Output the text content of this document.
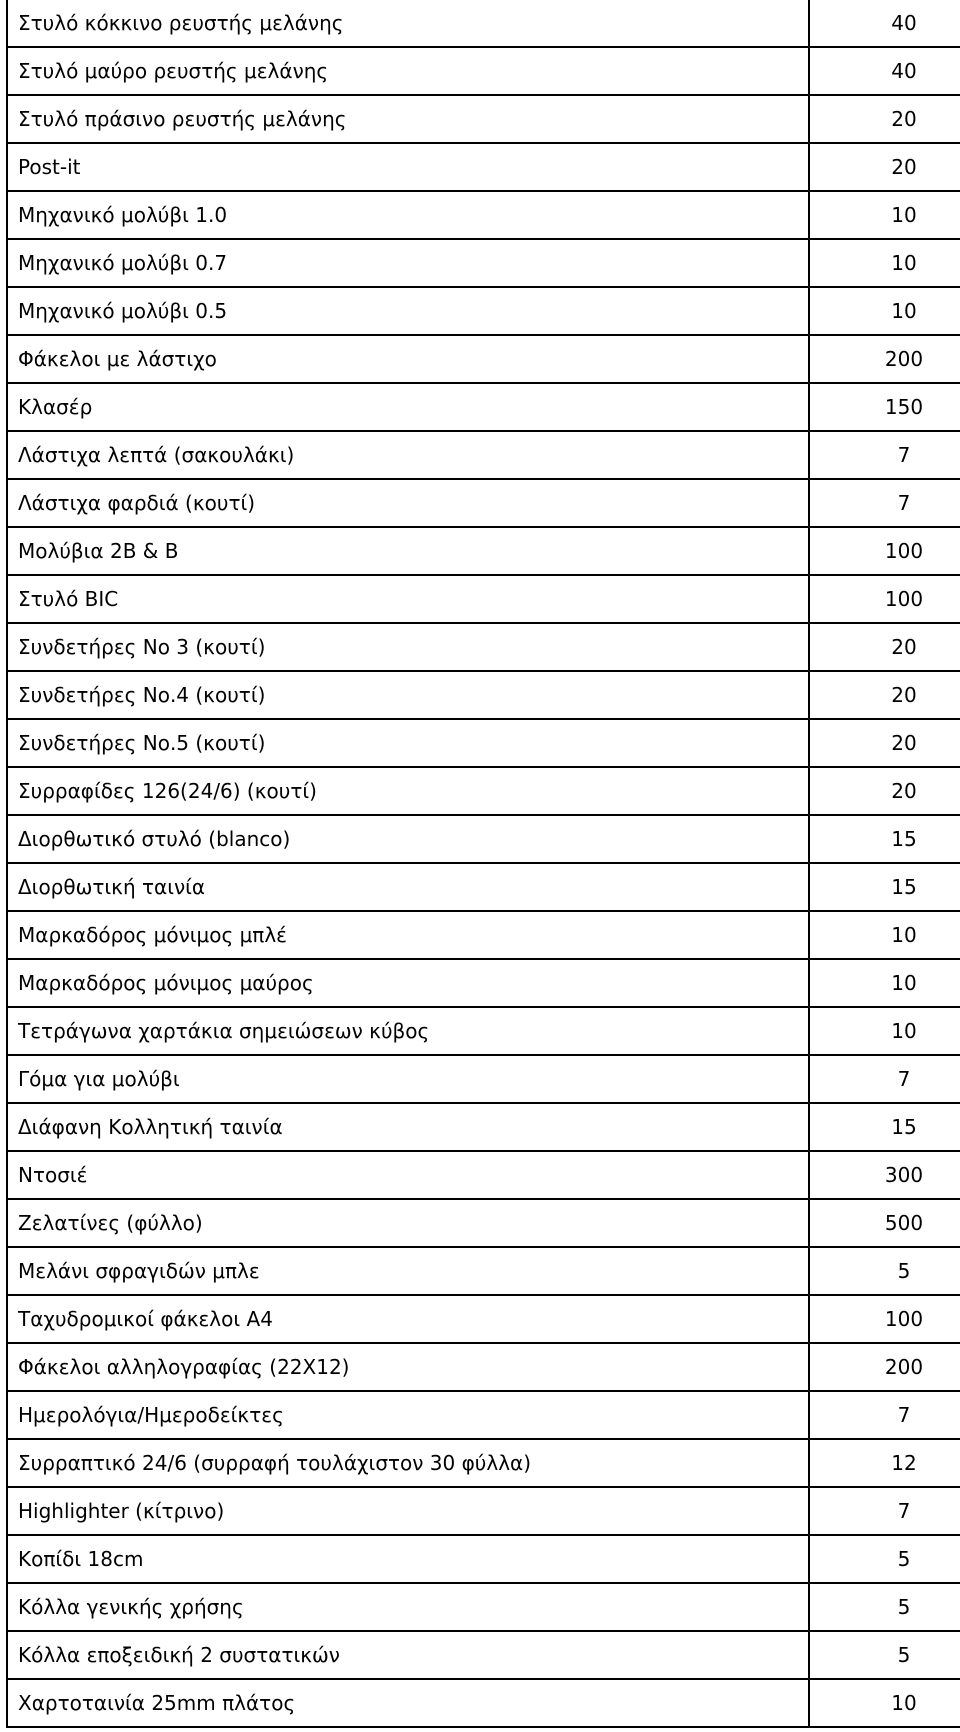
Στυλό κόκκινο ρευστής μελάνης	40
Στυλό μαύρο ρευστής μελάνης	40
Στυλό πράσινο ρευστής μελάνης	20
Post-it	20
Μηχανικό μολύβι 1.0	10
Μηχανικό μολύβι 0.7	10
Μηχανικό μολύβι 0.5	10
Φάκελοι με λάστιχο	200
Κλασέρ	150
Λάστιχα λεπτά (σακουλάκι)	7
Λάστιχα φαρδιά (κουτί)	7
Μολύβια 2Β & Β	100
Στυλό BIC	100
Συνδετήρες Νο 3 (κουτί)	20
Συνδετήρες Νο.4 (κουτί)	20
Συνδετήρες Νο.5 (κουτί)	20
Συρραφίδες 126(24/6) (κουτί)	20
Διορθωτικό στυλό (blanco)	15
Διορθωτική ταινία	15
Μαρκαδόρος μόνιμος μπλέ	10
Μαρκαδόρος μόνιμος μαύρος	10
Τετράγωνα χαρτάκια σημειώσεων κύβος	10
Γόμα για μολύβι	7
Διάφανη Κολλητική ταινία	15
Ντοσιέ	300
Ζελατίνες (φύλλο)	500
Μελάνι σφραγιδών μπλε	5
Ταχυδρομικοί φάκελοι Α4	100
Φάκελοι αλληλογραφίας (22Χ12)	200
Ημερολόγια/Ημεροδείκτες	7
Συρραπτικό 24/6 (συρραφή τουλάχιστον 30 φύλλα)	12
Highlighter (κίτρινο)	7
Κοπίδι 18cm	5
Κόλλα γενικής χρήσης	5
Κόλλα εποξειδική 2 συστατικών	5
Χαρτοταινία 25mm πλάτος	10
